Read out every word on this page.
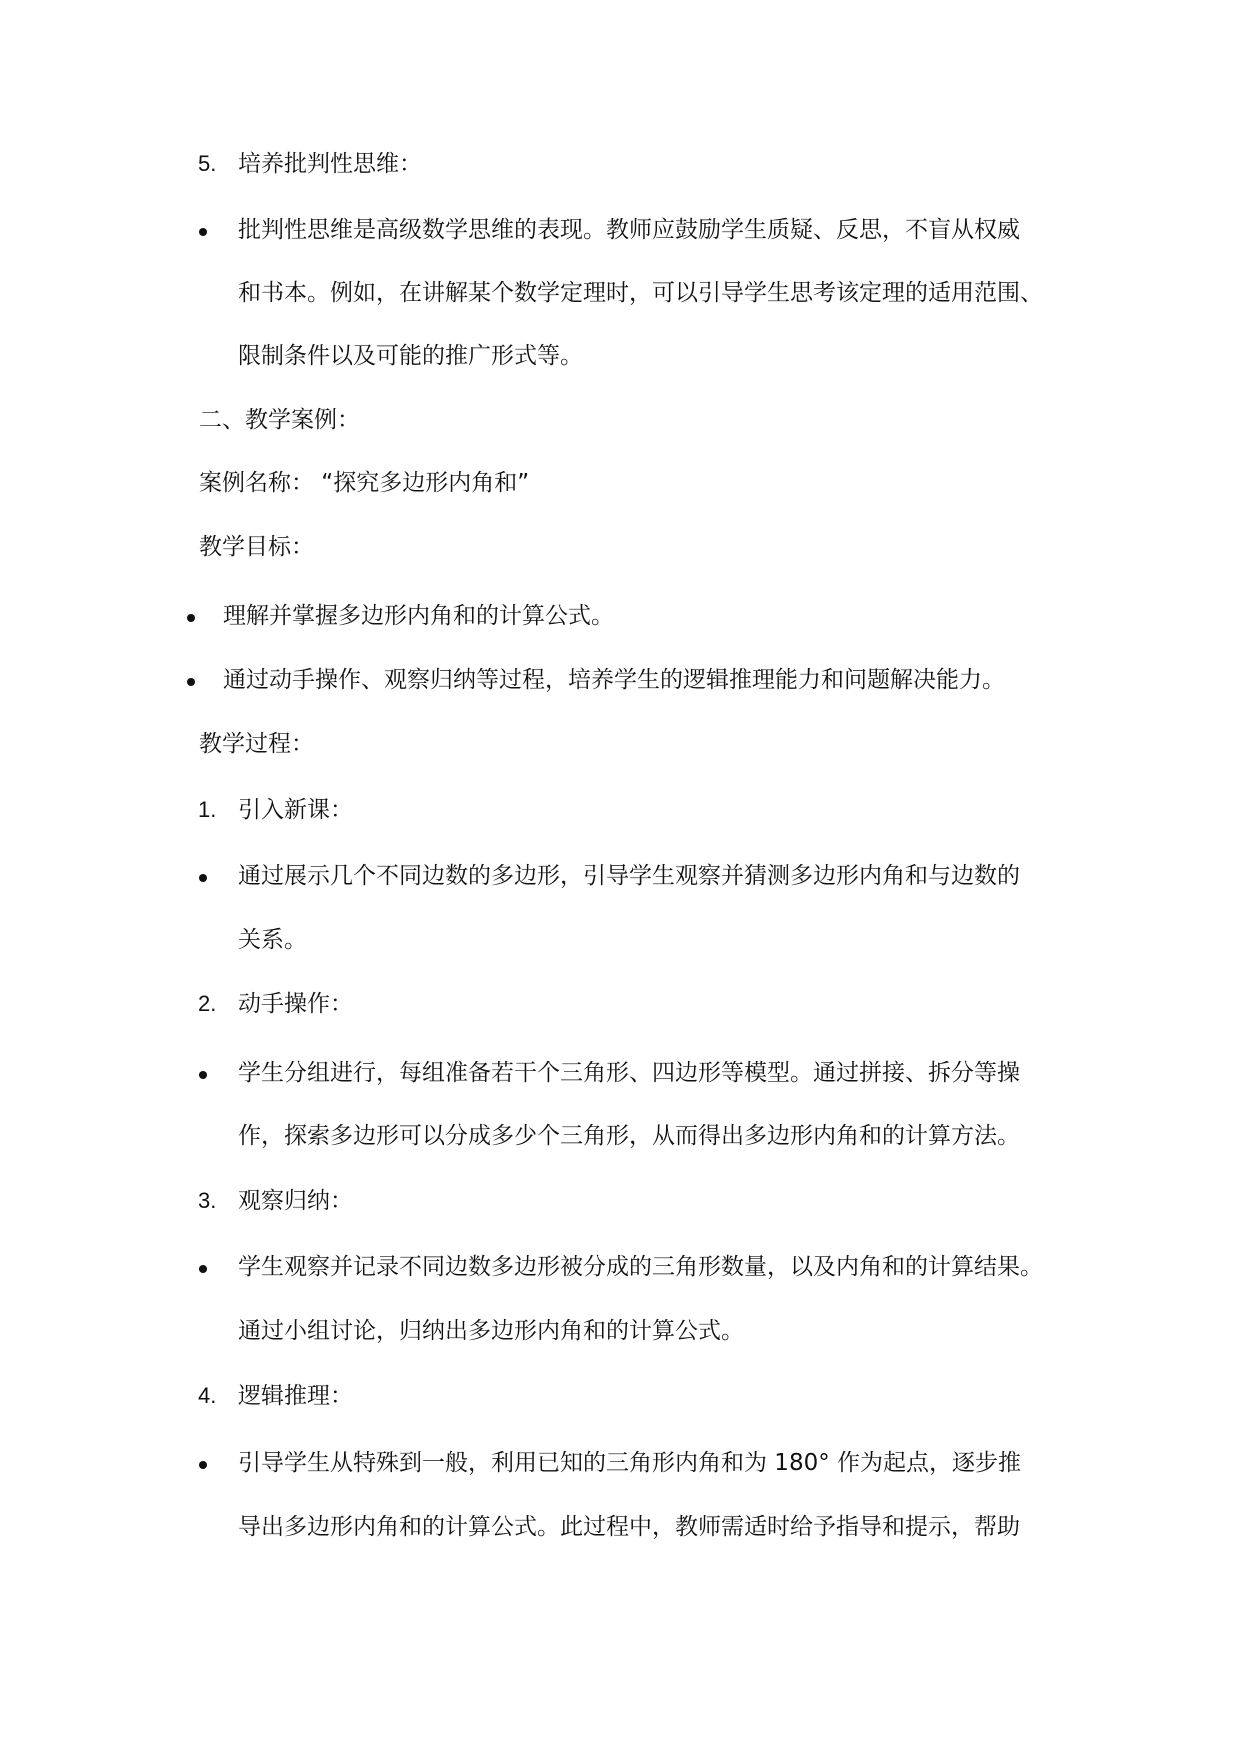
5. 培养批判性思维：
批判性思维是高级数学思维的表现。教师应鼓励学生质疑、反思，不盲从权威
和书本。例如，在讲解某个数学定理时，可以引导学生思考该定理的适用范围、
限制条件以及可能的推广形式等。
二、教学案例：
案例名称： “探究多边形内角和”
教学目标：
理解并掌握多边形内角和的计算公式。
通过动手操作、观察归纳等过程，培养学生的逻辑推理能力和问题解决能力。
教学过程：
1. 引入新课：
通过展示几个不同边数的多边形，引导学生观察并猜测多边形内角和与边数的
关系。
2. 动手操作：
学生分组进行，每组准备若干个三角形、四边形等模型。通过拼接、拆分等操
作，探索多边形可以分成多少个三角形，从而得出多边形内角和的计算方法。
3. 观察归纳：
学生观察并记录不同边数多边形被分成的三角形数量，以及内角和的计算结果。
通过小组讨论，归纳出多边形内角和的计算公式。
4. 逻辑推理：
引导学生从特殊到一般，利用已知的三角形内角和为 180° 作为起点，逐步推
导出多边形内角和的计算公式。此过程中，教师需适时给予指导和提示，帮助
